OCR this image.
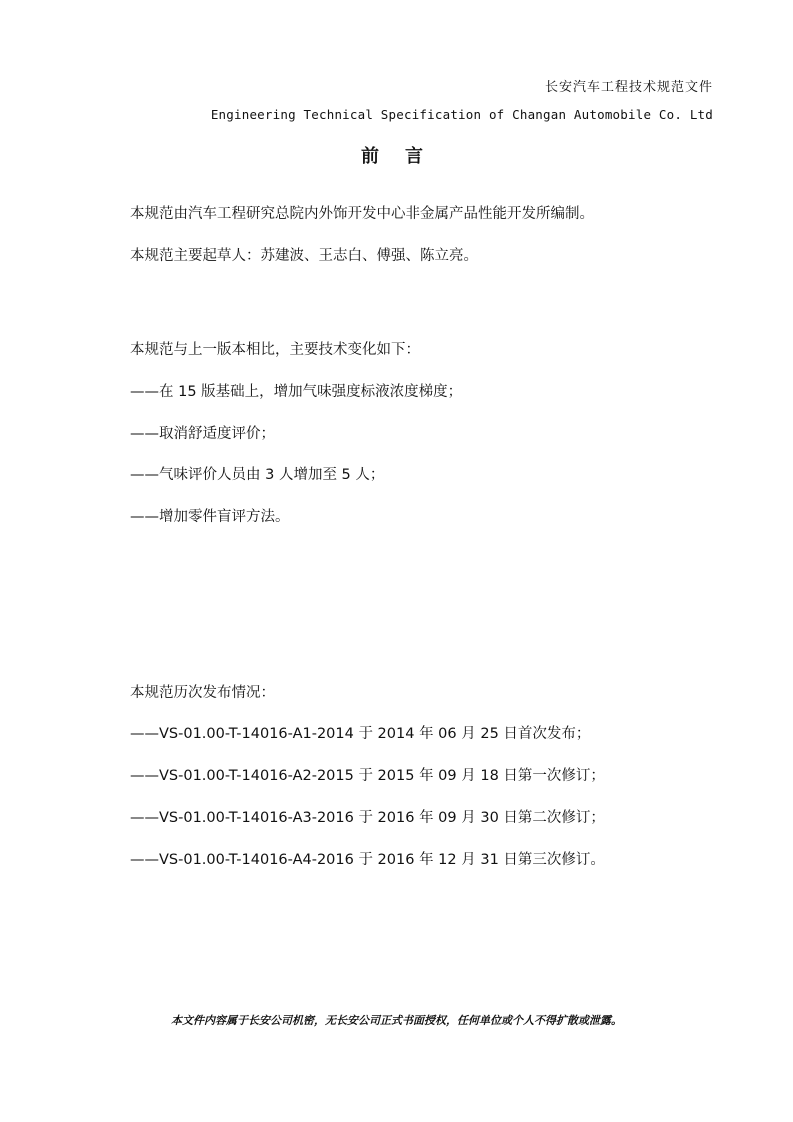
长安汽车工程技术规范文件
Engineering Technical Specification of Changan Automobile Co. Ltd
前言
本规范由汽车工程研究总院内外饰开发中心非金属产品性能开发所编制。
本规范主要起草人：苏建波、王志白、傅强、陈立亮。
本规范与上一版本相比，主要技术变化如下：
——在 15 版基础上，增加气味强度标液浓度梯度；
——取消舒适度评价；
——气味评价人员由 3 人增加至 5 人；
——增加零件盲评方法。
本规范历次发布情况：
——VS-01.00-T-14016-A1-2014 于 2014 年 06 月 25 日首次发布；
——VS-01.00-T-14016-A2-2015 于 2015 年 09 月 18 日第一次修订；
——VS-01.00-T-14016-A3-2016 于 2016 年 09 月 30 日第二次修订；
——VS-01.00-T-14016-A4-2016 于 2016 年 12 月 31 日第三次修订。
本文件内容属于长安公司机密，无长安公司正式书面授权，任何单位或个人不得扩散或泄露。
